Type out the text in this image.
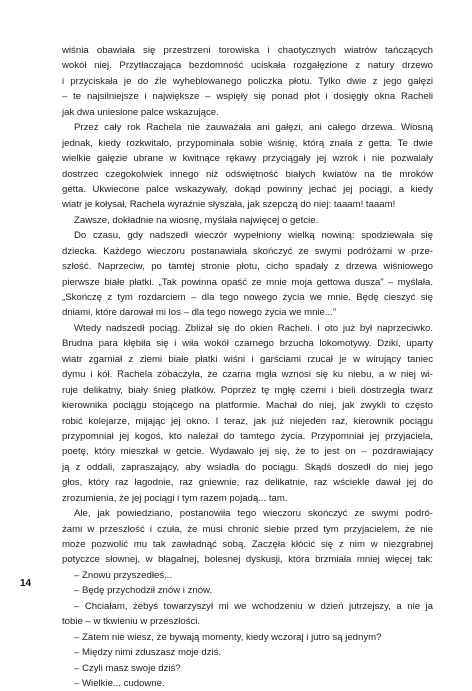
wiśnia obawiała się przestrzeni torowiska i chaotycznych wiatrów tańczących
wokół niej. Przytłaczająca bezdomność uciskała rozgałęzione z natury drzewo
i przyciskała je do źle wyheblowanego policzka płotu. Tylko dwie z jego gałęzi
– te najsilniejsze i największe – wspięły się ponad płot i dosięgły okna Racheli
jak dwa uniesione palce wskazujące.
Przez cały rok Rachela nie zauważała ani gałęzi, ani całego drzewa. Wiosną
jednak, kiedy rozkwitało, przypominała sobie wiśnię, którą znała z getta. Te dwie
wielkie gałęzie ubrane w kwitnące rękawy przyciągały jej wzrok i nie pozwalały
dostrzec czegokolwiek innego niż odświętność białych kwiatów na tle mroków
getta. Ukwiecone palce wskazywały, dokąd powinny jechać jej pociągi, a kiedy
wiatr je kołysał, Rachela wyraźnie słyszała, jak szepczą do niej: taaam! taaam!
Zawsze, dokładnie na wiosnę, myślała najwięcej o getcie.
Do czasu, gdy nadszedł wieczór wypełniony wielką nowiną: spodziewała się
dziecka. Każdego wieczoru postanawiała skończyć ze swymi podróżami w prze-
szłość. Naprzeciw, po tamtej stronie płotu, cicho spadały z drzewa wiśniowego
pierwsze białe płatki. „Tak powinna opaść ze mnie moja gettowa dusza” – myślała.
„Skończę z tym rozdarciem – dla tego nowego życia we mnie. Będę cieszyć się
dniami, które darował mi los – dla tego nowego życia we mnie...”
Wtedy nadszedł pociąg. Zbliżał się do okien Racheli. I oto już był naprzeciwko.
Brudna para kłębiła się i wiła wokół czarnego brzucha lokomotywy. Dziki, uparty
wiatr zgarniał z ziemi białe płatki wiśni i garściami rzucał je w wirujący taniec
dymu i kół. Rachela zobaczyła, że czarna mgła wznosi się ku niebu, a w niej wi-
ruje delikatny, biały śnieg płatków. Poprzez tę mgłę czerni i bieli dostrzegła twarz
kierownika pociągu stojącego na platformie. Machał do niej, jak zwykli to często
robić kolejarze, mijając jej okno. I teraz, jak już niejeden raz, kierownik pociągu
przypomniał jej kogoś, kto należał do tamtego życia. Przypomniał jej przyjaciela,
poetę, który mieszkał w getcie. Wydawało jej się, że to jest on – pozdrawiający
ją z oddali, zapraszający, aby wsiadła do pociągu. Skądś doszedł do niej jego
głos, który raz łagodnie, raz gniewnie, raz delikatnie, raz wściekle dawał jej do
zrozumienia, że jej pociągi i tym razem pojadą... tam.
Ale, jak powiedziano, postanowiła tego wieczoru skończyć ze swymi podró-
żami w przeszłość i czuła, że musi chronić siebie przed tym przyjacielem, że nie
może pozwolić mu tak zawładnąć sobą. Zaczęła kłócić się z nim w niezgrabnej
potyczce słownej, w błagalnej, bolesnej dyskusji, która brzmiała mniej więcej tak:
– Znowu przyszedłeś...
– Będę przychodził znów i znów.
– Chciałam, żebyś towarzyszył mi we wchodzeniu w dzień jutrzejszy, a nie ja
tobie – w tkwieniu w przeszłości.
– Zatem nie wiesz, że bywają momenty, kiedy wczoraj i jutro są jednym?
– Między nimi zduszasz moje dziś.
– Czyli masz swoje dziś?
– Wielkie... cudowne.
14
